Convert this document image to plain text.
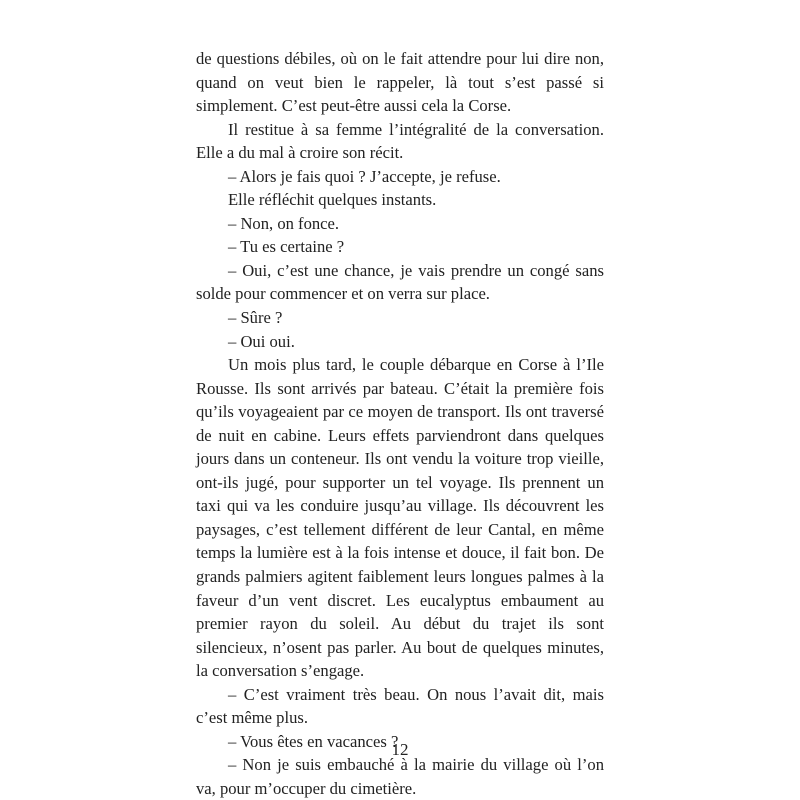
de questions débiles, où on le fait attendre pour lui dire non, quand on veut bien le rappeler, là tout s’est passé si simplement. C’est peut-être aussi cela la Corse.

Il restitue à sa femme l’intégralité de la conversation. Elle a du mal à croire son récit.

– Alors je fais quoi ? J’accepte, je refuse.

Elle réfléchit quelques instants.

– Non, on fonce.

– Tu es certaine ?

– Oui, c’est une chance, je vais prendre un congé sans solde pour commencer et on verra sur place.

– Sûre ?

– Oui oui.

Un mois plus tard, le couple débarque en Corse à l’Ile Rousse. Ils sont arrivés par bateau. C’était la première fois qu’ils voyageaient par ce moyen de transport. Ils ont traversé de nuit en cabine. Leurs effets parviendront dans quelques jours dans un conteneur. Ils ont vendu la voiture trop vieille, ont-ils jugé, pour supporter un tel voyage. Ils prennent un taxi qui va les conduire jusqu’au village. Ils découvrent les paysages, c’est tellement différent de leur Cantal, en même temps la lumière est à la fois intense et douce, il fait bon. De grands palmiers agitent faiblement leurs longues palmes à la faveur d’un vent discret. Les eucalyptus embaument au premier rayon du soleil. Au début du trajet ils sont silencieux, n’osent pas parler. Au bout de quelques minutes, la conversation s’engage.

– C’est vraiment très beau. On nous l’avait dit, mais c’est même plus.

– Vous êtes en vacances ?

– Non je suis embauché à la mairie du village où l’on va, pour m’occuper du cimetière.

12
